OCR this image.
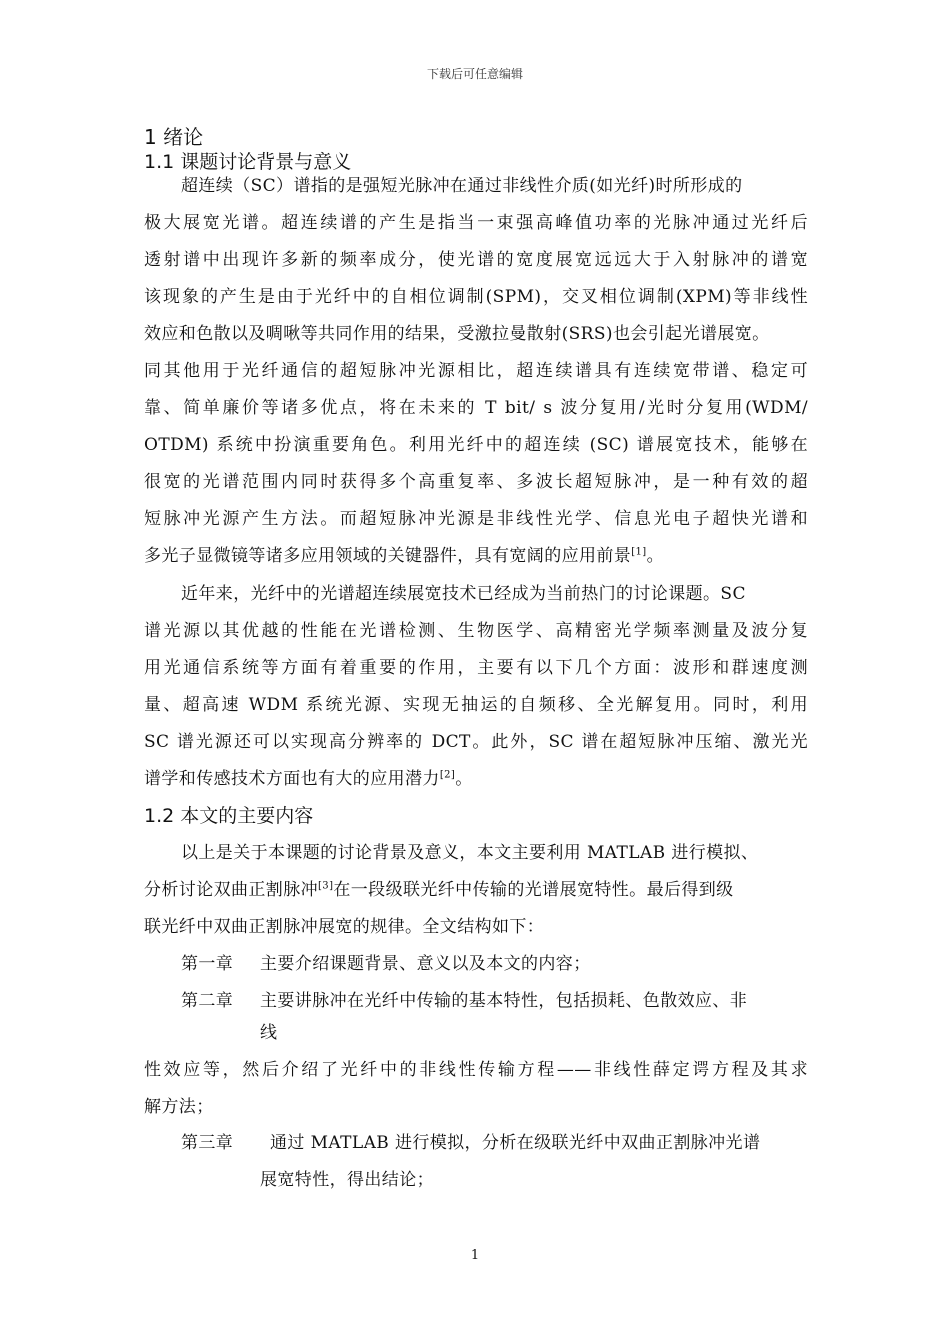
下载后可任意编辑
1 绪论
1.1 课题讨论背景与意义
超连续（SC）谱指的是强短光脉冲在通过非线性介质(如光纤)时所形成的
极大展宽光谱。超连续谱的产生是指当一束强高峰值功率的光脉冲通过光纤后
透射谱中出现许多新的频率成分，使光谱的宽度展宽远远大于入射脉冲的谱宽
该现象的产生是由于光纤中的自相位调制(SPM)，交叉相位调制(XPM)等非线性
效应和色散以及啁啾等共同作用的结果，受激拉曼散射(SRS)也会引起光谱展宽。
同其他用于光纤通信的超短脉冲光源相比，超连续谱具有连续宽带谱、稳定可
靠、简单廉价等诸多优点，将在未来的 T bit/ s 波分复用/光时分复用(WDM/
OTDM) 系统中扮演重要角色。利用光纤中的超连续 (SC) 谱展宽技术，能够在
很宽的光谱范围内同时获得多个高重复率、多波长超短脉冲，是一种有效的超
短脉冲光源产生方法。而超短脉冲光源是非线性光学、信息光电子超快光谱和
多光子显微镜等诸多应用领域的关键器件，具有宽阔的应用前景[1]。
近年来，光纤中的光谱超连续展宽技术已经成为当前热门的讨论课题。SC
谱光源以其优越的性能在光谱检测、生物医学、高精密光学频率测量及波分复
用光通信系统等方面有着重要的作用，主要有以下几个方面：波形和群速度测
量、超高速 WDM 系统光源、实现无抽运的自频移、全光解复用。同时，利用
SC 谱光源还可以实现高分辨率的 DCT。此外，SC 谱在超短脉冲压缩、激光光
谱学和传感技术方面也有大的应用潜力[2]。
1.2 本文的主要内容
以上是关于本课题的讨论背景及意义，本文主要利用 MATLAB 进行模拟、
分析讨论双曲正割脉冲[3]在一段级联光纤中传输的光谱展宽特性。最后得到级
联光纤中双曲正割脉冲展宽的规律。全文结构如下：
第一章 主要介绍课题背景、意义以及本文的内容；
第二章 主要讲脉冲在光纤中传输的基本特性，包括损耗、色散效应、非
线
性效应等，然后介绍了光纤中的非线性传输方程——非线性薛定谔方程及其求
解方法；
第三章 通过 MATLAB 进行模拟，分析在级联光纤中双曲正割脉冲光谱
展宽特性，得出结论；
1
